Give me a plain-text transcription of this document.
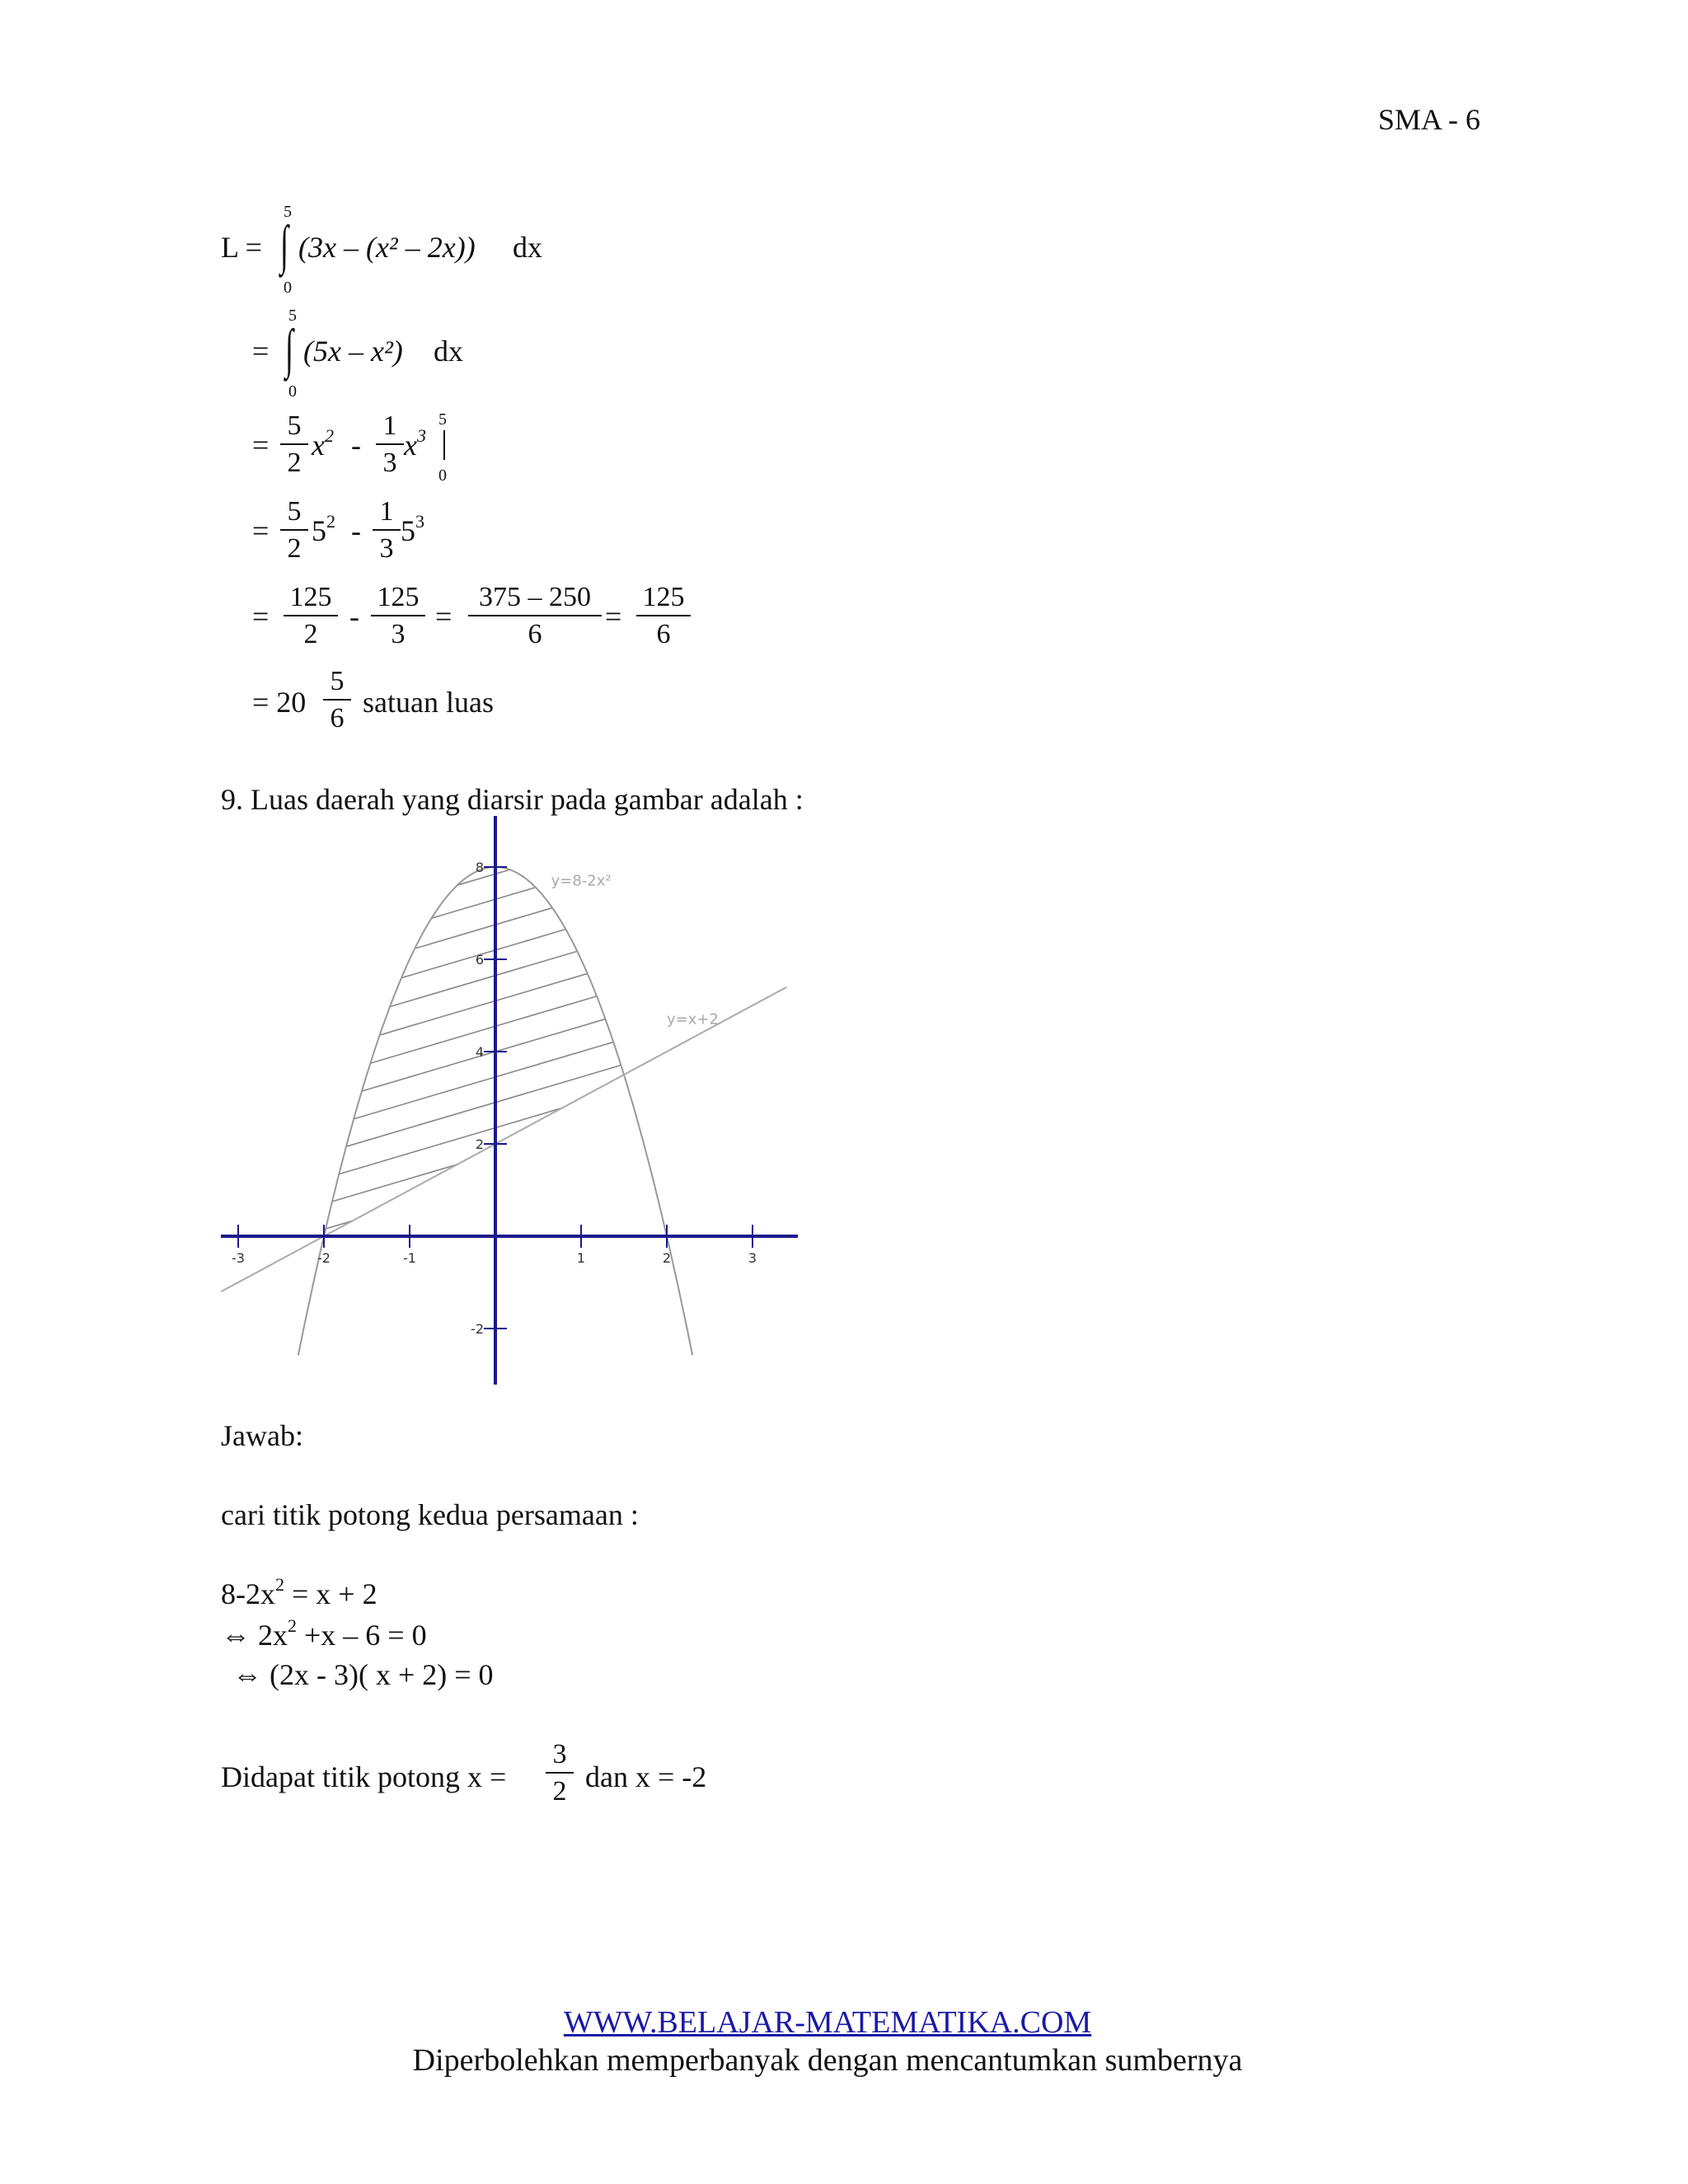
SMA - 6
L =
5
∫
0
(3x – (x² – 2x)) dx
=
5
∫
0
(5x – x²) dx
=
5
2
$x^2$ -
1
3
$x^3$
5
0
=
5
2
$5^2$ -
1
3
$5^3$
=
125
2
-
125
3
=
375 – 250
6
=
125
6
= 20
5
6 satuan luas
9. Luas daerah yang diarsir pada gambar adalah :
y=8-2x²
y=x+2
-3	-2	-1	1	2	3
8
6
4
2
-2
Jawab:
cari titik potong kedua persamaan :
$8-2x^2 = x + 2$
⇔ $2x^2 +x - 6 = 0$
⇔ (2x - 3)( x + 2) = 0
Didapat titik potong x =
3
2 dan x = -2
WWW.BELAJAR-MATEMATIKA.COM
Diperbolehkan memperbanyak dengan mencantumkan sumbernya
